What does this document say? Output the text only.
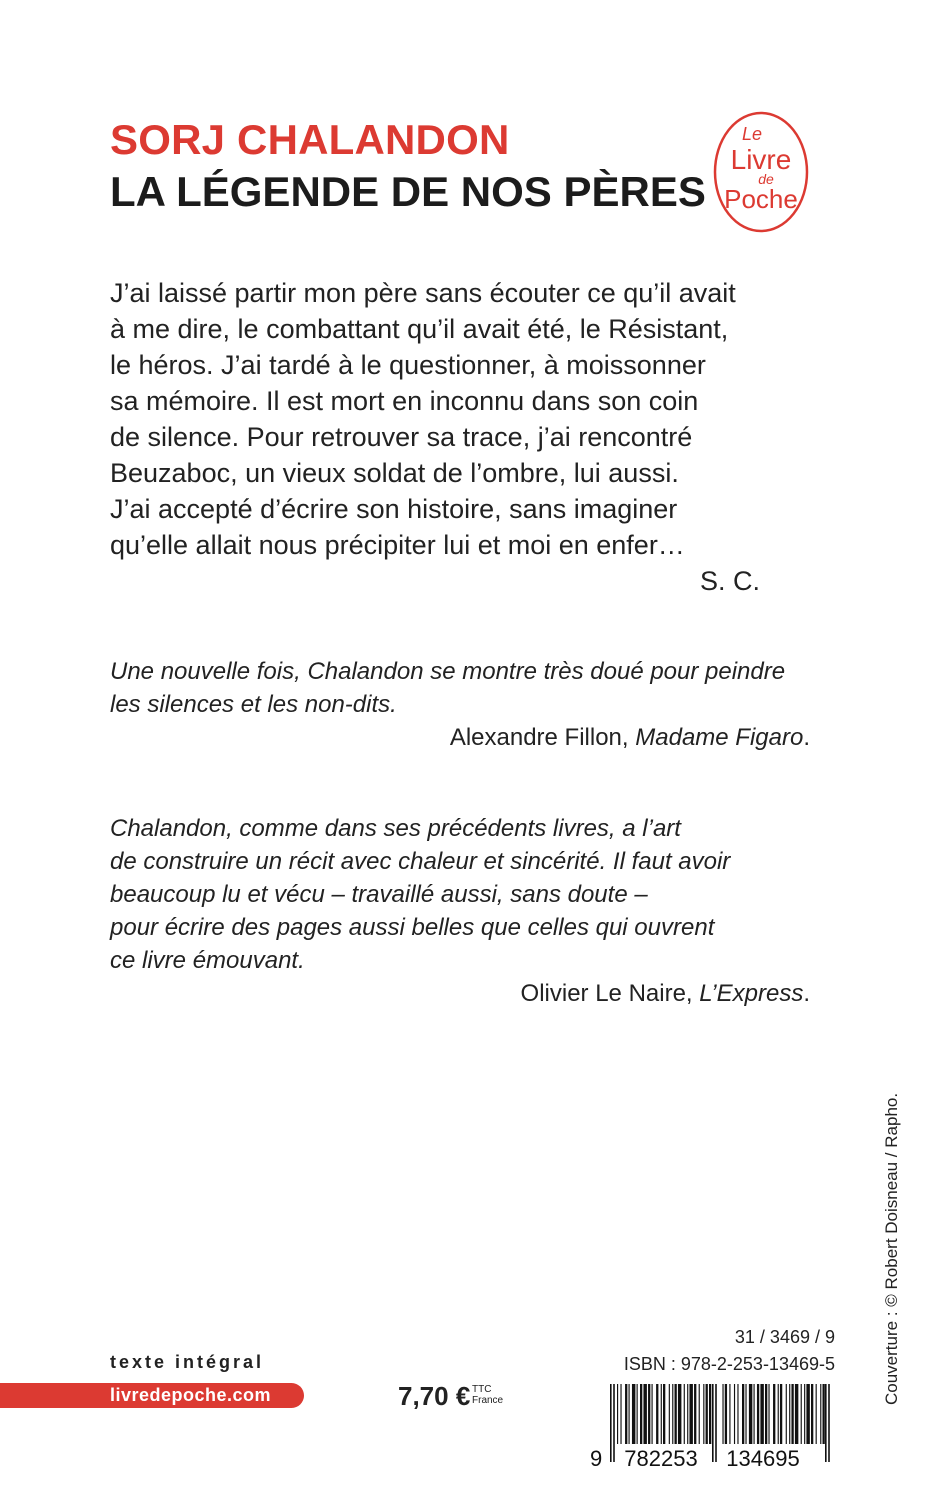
SORJ CHALANDON
LA LÉGENDE DE NOS PÈRES
Le
Livre
de
Poche
J’ai laissé partir mon père sans écouter ce qu’il avait
à me dire, le combattant qu’il avait été, le Résistant,
le héros. J’ai tardé à le questionner, à moissonner
sa mémoire. Il est mort en inconnu dans son coin
de silence. Pour retrouver sa trace, j’ai rencontré
Beuzaboc, un vieux soldat de l’ombre, lui aussi.
J’ai accepté d’écrire son histoire, sans imaginer
qu’elle allait nous précipiter lui et moi en enfer…
S. C.
Une nouvelle fois, Chalandon se montre très doué pour peindre
les silences et les non-dits.
Alexandre Fillon, Madame Figaro.
Chalandon, comme dans ses précédents livres, a l’art
de construire un récit avec chaleur et sincérité. Il faut avoir
beaucoup lu et vécu – travaillé aussi, sans doute –
pour écrire des pages aussi belles que celles qui ouvrent
ce livre émouvant.
Olivier Le Naire, L’Express.
Couverture : © Robert Doisneau / Rapho.
texte intégral
livredepoche.com	7,70 € TTC
France
31 / 3469 / 9
ISBN : 978-2-253-13469-5
9 782253 134695
